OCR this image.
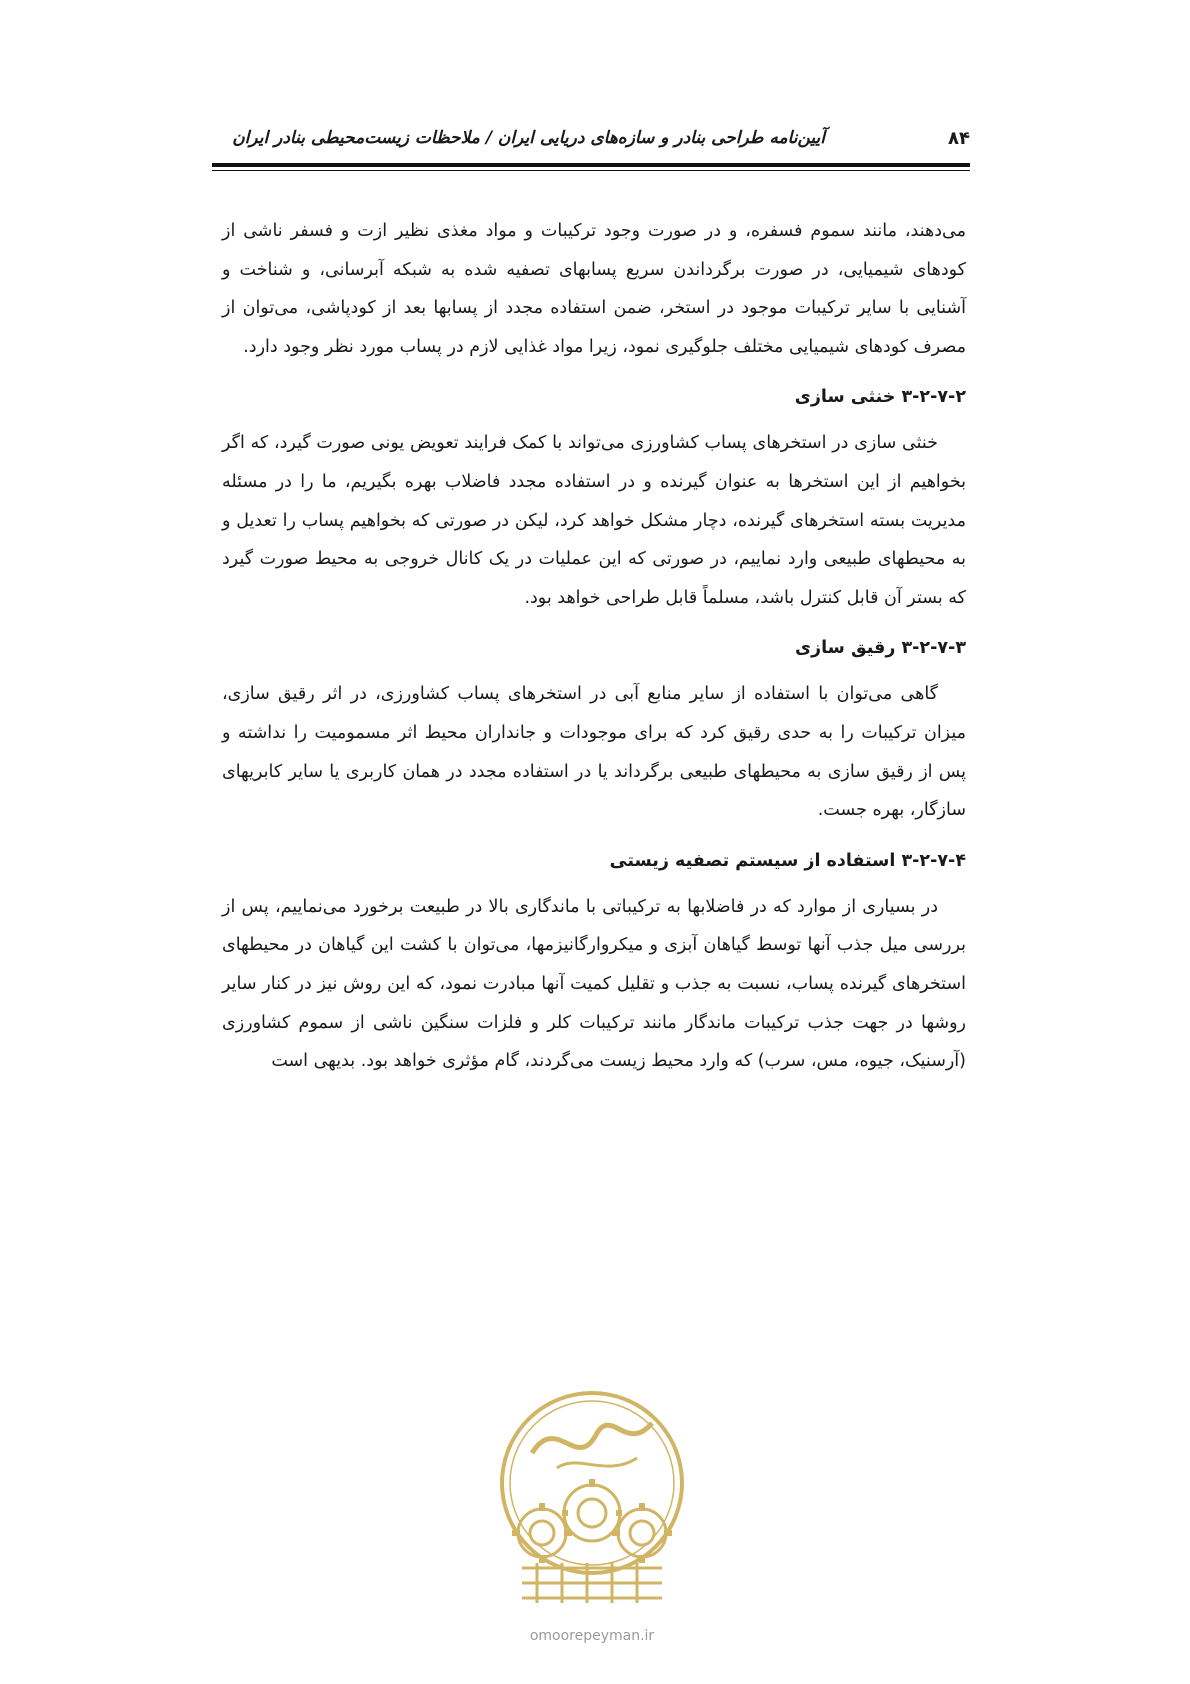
۸۴
آیین‌نامه طراحی بنادر و سازه‌های دریایی ایران / ملاحظات زیست‌محیطی بنادر ایران

می‌دهند، مانند سموم فسفره، و در صورت وجود ترکیبات و مواد مغذی نظیر ازت و فسفر ناشی از کودهای شیمیایی، در صورت برگرداندن سریع پسابهای تصفیه شده به شبکه آبرسانی، و شناخت و آشنایی با سایر ترکیبات موجود در استخر، ضمن استفاده مجدد از پسابها بعد از کودپاشی، می‌توان از مصرف کودهای شیمیایی مختلف جلوگیری نمود، زیرا مواد غذایی لازم در پساب مورد نظر وجود دارد.

۳-۲-۷-۲ خنثی سازی

خنثی سازی در استخرهای پساب کشاورزی می‌تواند با کمک فرایند تعویض یونی صورت گیرد، که اگر بخواهیم از این استخرها به عنوان گیرنده و در استفاده مجدد فاضلاب بهره بگیریم، ما را در مسئله مدیریت بسته استخرهای گیرنده، دچار مشکل خواهد کرد، لیکن در صورتی که بخواهیم پساب را تعدیل و به محیطهای طبیعی وارد نماییم، در صورتی که این عملیات در یک کانال خروجی به محیط صورت گیرد که بستر آن قابل کنترل باشد، مسلماً قابل طراحی خواهد بود.

۳-۲-۷-۳ رقیق سازی

گاهی می‌توان با استفاده از سایر منابع آبی در استخرهای پساب کشاورزی، در اثر رقیق سازی، میزان ترکیبات را به حدی رقیق کرد که برای موجودات و جانداران محیط اثر مسمومیت را نداشته و پس از رقیق سازی به محیطهای طبیعی برگرداند یا در استفاده مجدد در همان کاربری یا سایر کابریهای سازگار، بهره جست.

۳-۲-۷-۴ استفاده از سیستم تصفیه زیستی

در بسیاری از موارد که در فاضلابها به ترکیباتی با ماندگاری بالا در طبیعت برخورد می‌نماییم، پس از بررسی میل جذب آنها توسط گیاهان آبزی و میکروارگانیزمها، می‌توان با کشت این گیاهان در محیطهای استخرهای گیرنده پساب، نسبت به جذب و تقلیل کمیت آنها مبادرت نمود، که این روش نیز در کنار سایر روشها در جهت جذب ترکیبات ماندگار مانند ترکیبات کلر و فلزات سنگین ناشی از سموم کشاورزی (آرسنیک، جیوه، مس، سرب) که وارد محیط زیست می‌گردند، گام مؤثری خواهد بود. بدیهی است

omoorepeyman.ir
